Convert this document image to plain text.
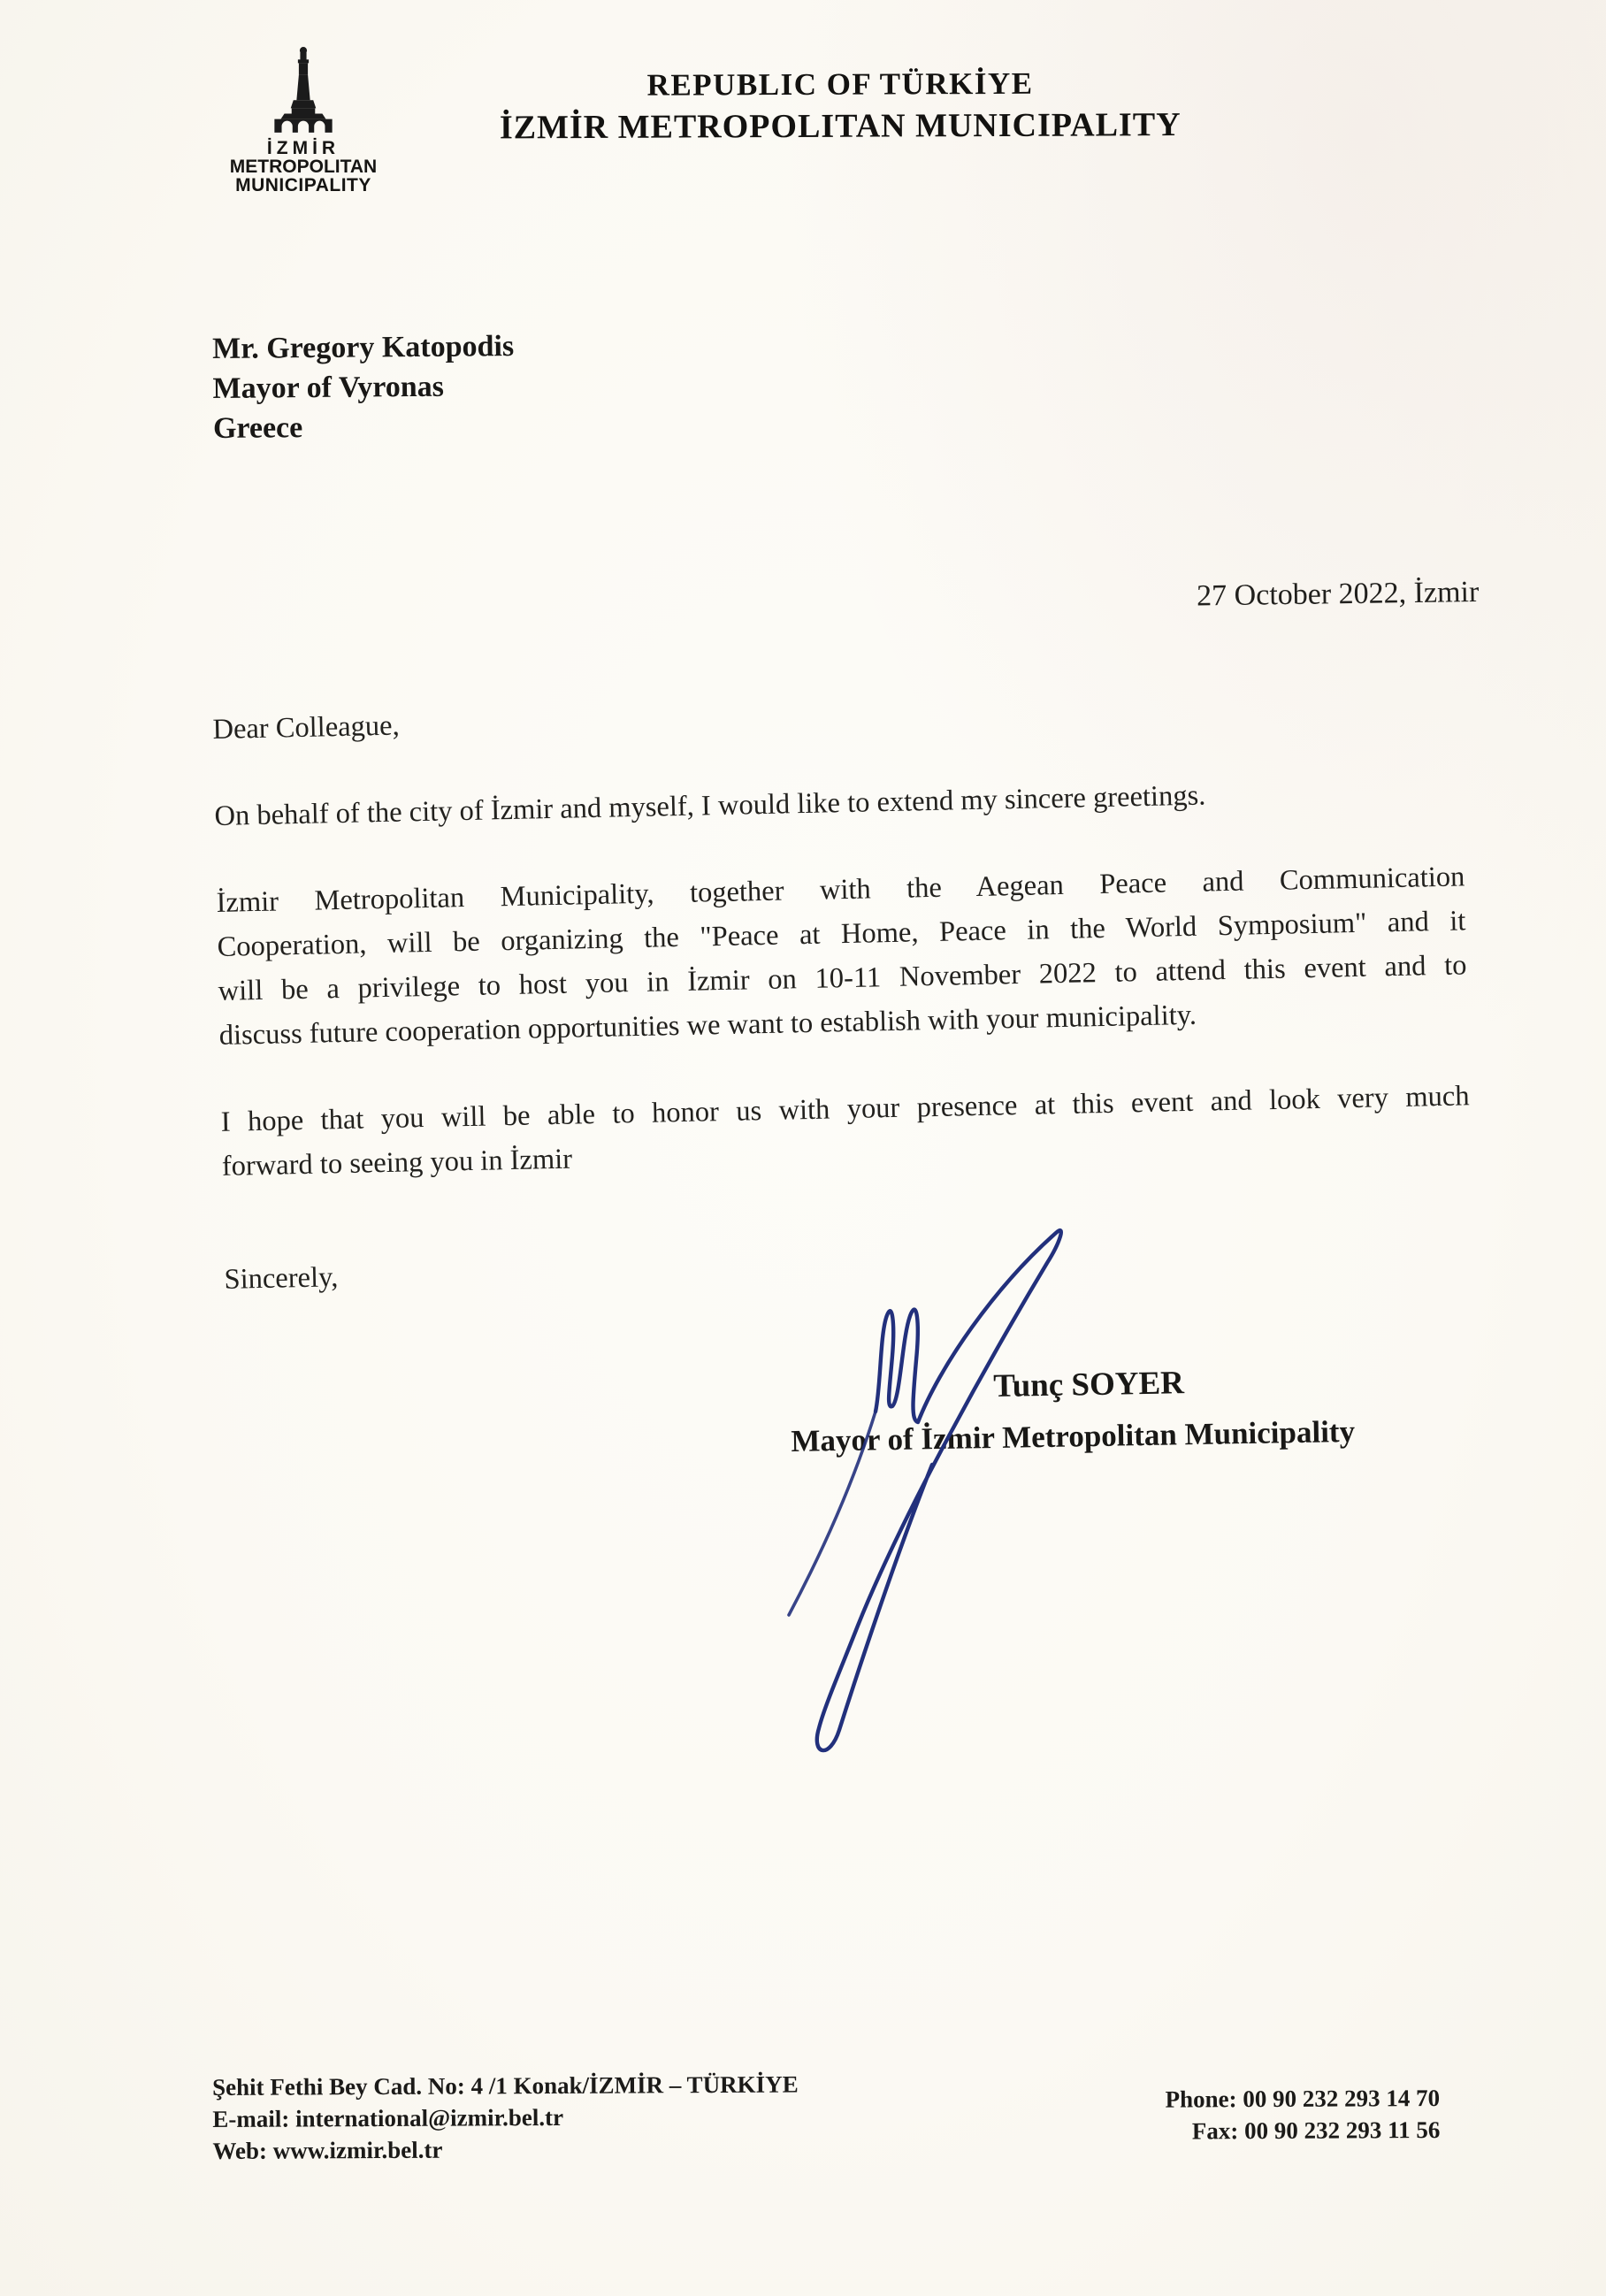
İZMİR
METROPOLITAN
MUNICIPALITY
REPUBLIC OF TÜRKİYE
İZMİR METROPOLITAN MUNICIPALITY
Mr. Gregory Katopodis
Mayor of Vyronas
Greece
27 October 2022, İzmir
Dear Colleague,
On behalf of the city of İzmir and myself, I would like to extend my sincere greetings.
İzmir Metropolitan Municipality, together with the Aegean Peace and Communication
Cooperation, will be organizing the "Peace at Home, Peace in the World Symposium" and it
will be a privilege to host you in İzmir on 10-11 November 2022 to attend this event and to
discuss future cooperation opportunities we want to establish with your municipality.
I hope that you will be able to honor us with your presence at this event and look very much
forward to seeing you in İzmir
Sincerely,
Tunç SOYER
Mayor of İzmir Metropolitan Municipality
Şehit Fethi Bey Cad. No: 4 /1 Konak/İZMİR – TÜRKİYE
E-mail: international@izmir.bel.tr
Web: www.izmir.bel.tr
Phone: 00 90 232 293 14 70
Fax: 00 90 232 293 11 56
